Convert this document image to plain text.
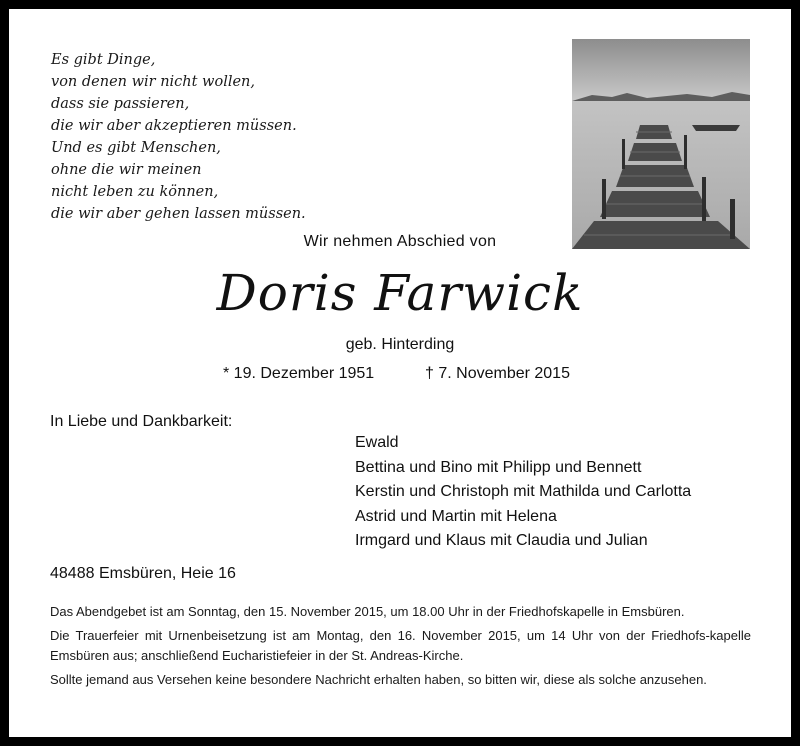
Es gibt Dinge,
von denen wir nicht wollen,
dass sie passieren,
die wir aber akzeptieren müssen.
Und es gibt Menschen,
ohne die wir meinen
nicht leben zu können,
die wir aber gehen lassen müssen.
Wir nehmen Abschied von
Doris Farwick
geb. Hinterding
* 19. Dezember 1951	† 7. November 2015
In Liebe und Dankbarkeit:
Ewald
Bettina und Bino mit Philipp und Bennett
Kerstin und Christoph mit Mathilda und Carlotta
Astrid und Martin mit Helena
Irmgard und Klaus mit Claudia und Julian
48488 Emsbüren, Heie 16

Das Abendgebet ist am Sonntag, den 15. November 2015, um 18.00 Uhr in der Friedhofskapelle in Emsbüren.

Die Trauerfeier mit Urnenbeisetzung ist am Montag, den 16. November 2015, um 14 Uhr von der Friedhofs-kapelle Emsbüren aus; anschließend Eucharistiefeier in der St. Andreas-Kirche.

Sollte jemand aus Versehen keine besondere Nachricht erhalten haben, so bitten wir, diese als solche anzusehen.
